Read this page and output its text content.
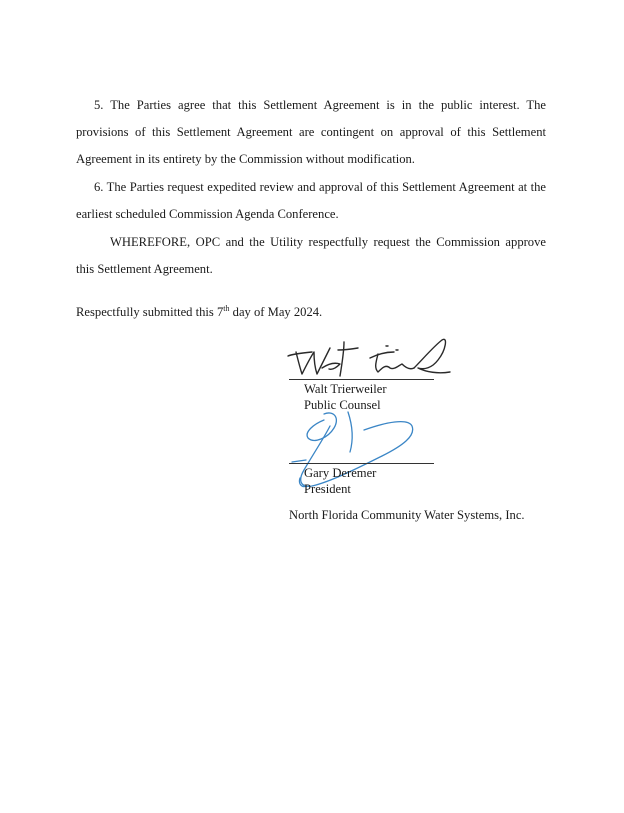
5. The Parties agree that this Settlement Agreement is in the public interest. The provisions of this Settlement Agreement are contingent on approval of this Settlement Agreement in its entirety by the Commission without modification.

6. The Parties request expedited review and approval of this Settlement Agreement at the earliest scheduled Commission Agenda Conference.

WHEREFORE, OPC and the Utility respectfully request the Commission approve this Settlement Agreement.

Respectfully submitted this 7th day of May 2024.

Walt Trierweiler

Public Counsel

Gary Deremer

President

North Florida Community Water Systems, Inc.
